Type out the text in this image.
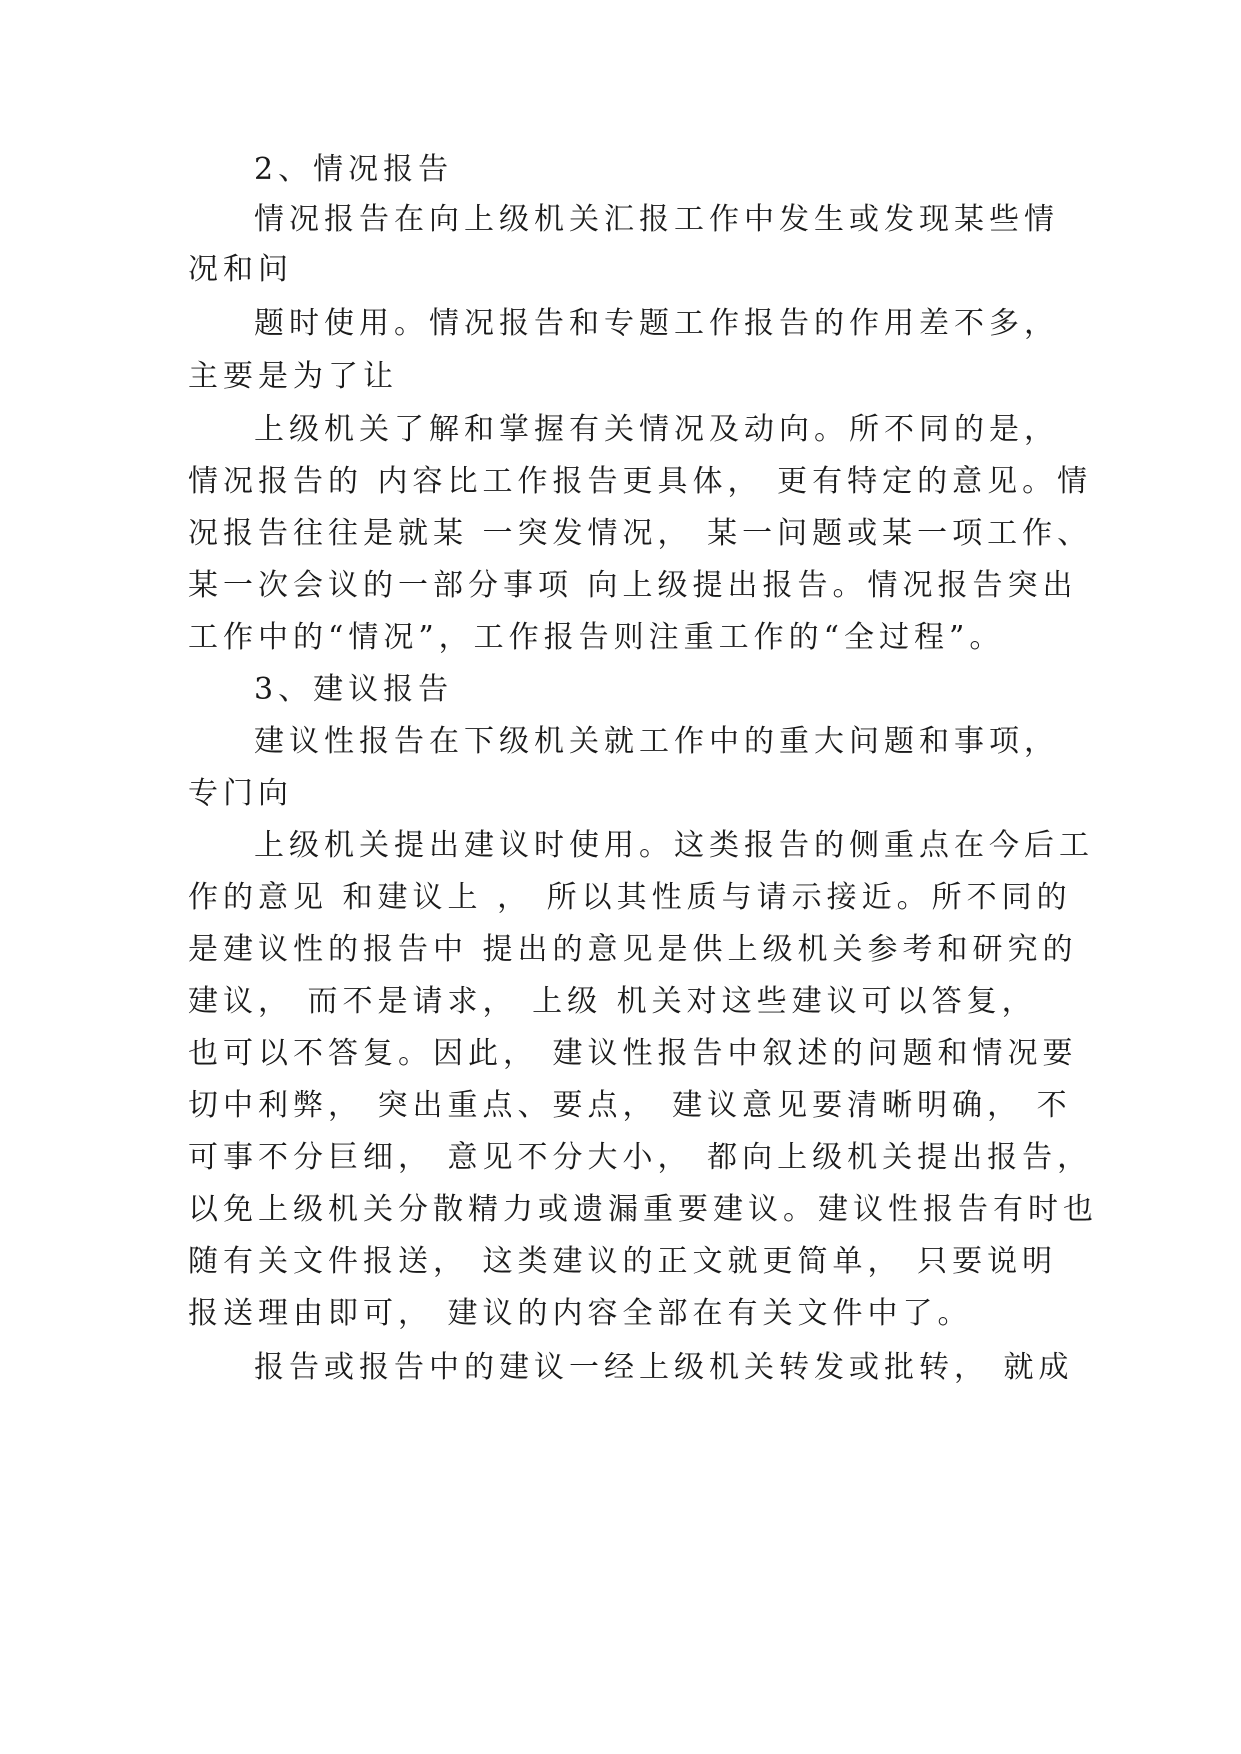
2、情况报告
情况报告在向上级机关汇报工作中发生或发现某些情
况和问
题时使用。情况报告和专题工作报告的作用差不多，
主要是为了让
上级机关了解和掌握有关情况及动向。所不同的是，
情况报告的 内容比工作报告更具体， 更有特定的意见。情
况报告往往是就某 一突发情况， 某一问题或某一项工作、
某一次会议的一部分事项 向上级提出报告。情况报告突出
工作中的“情况”，工作报告则注重工作的“全过程”。
3、建议报告
建议性报告在下级机关就工作中的重大问题和事项，
专门向
上级机关提出建议时使用。这类报告的侧重点在今后工
作的意见 和建议上 ， 所以其性质与请示接近。所不同的
是建议性的报告中 提出的意见是供上级机关参考和研究的
建议， 而不是请求， 上级 机关对这些建议可以答复，
也可以不答复。因此， 建议性报告中叙述的问题和情况要
切中利弊， 突出重点、要点， 建议意见要清晰明确， 不
可事不分巨细， 意见不分大小， 都向上级机关提出报告，
以免上级机关分散精力或遗漏重要建议。建议性报告有时也
随有关文件报送， 这类建议的正文就更简单， 只要说明
报送理由即可， 建议的内容全部在有关文件中了。
报告或报告中的建议一经上级机关转发或批转， 就成
